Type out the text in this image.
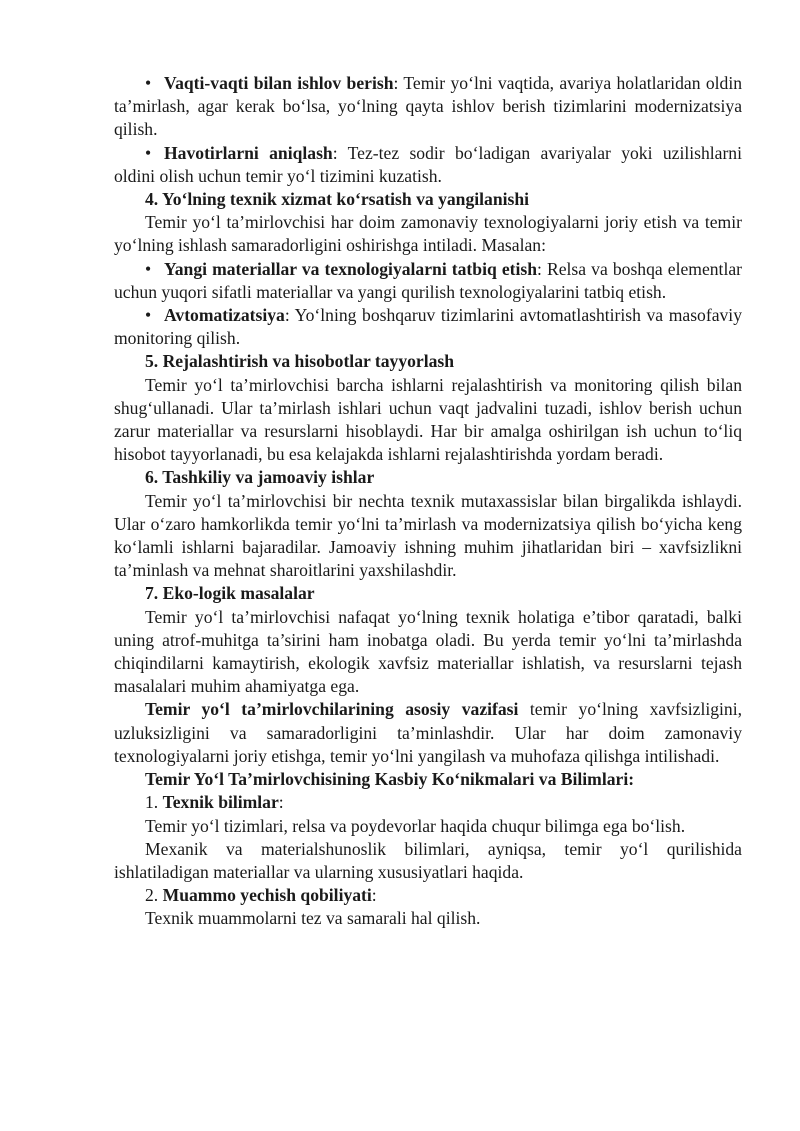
• Vaqti-vaqti bilan ishlov berish: Temir yo‘lni vaqtida, avariya holatlaridan oldin ta’mirlash, agar kerak bo‘lsa, yo‘lning qayta ishlov berish tizimlarini modernizatsiya qilish.

• Havotirlarni aniqlash: Tez-tez sodir bo‘ladigan avariyalar yoki uzilishlarni oldini olish uchun temir yo‘l tizimini kuzatish.

4. Yo‘lning texnik xizmat ko‘rsatish va yangilanishi

Temir yo‘l ta’mirlovchisi har doim zamonaviy texnologiyalarni joriy etish va temir yo‘lning ishlash samaradorligini oshirishga intiladi. Masalan:

• Yangi materiallar va texnologiyalarni tatbiq etish: Relsa va boshqa elementlar uchun yuqori sifatli materiallar va yangi qurilish texnologiyalarini tatbiq etish.

• Avtomatizatsiya: Yo‘lning boshqaruv tizimlarini avtomatlashtirish va masofaviy monitoring qilish.

5. Rejalashtirish va hisobotlar tayyorlash

Temir yo‘l ta’mirlovchisi barcha ishlarni rejalashtirish va monitoring qilish bilan shug‘ullanadi. Ular ta’mirlash ishlari uchun vaqt jadvalini tuzadi, ishlov berish uchun zarur materiallar va resurslarni hisoblaydi. Har bir amalga oshirilgan ish uchun to‘liq hisobot tayyorlanadi, bu esa kelajakda ishlarni rejalashtirishda yordam beradi.

6. Tashkiliy va jamoaviy ishlar

Temir yo‘l ta’mirlovchisi bir nechta texnik mutaxassislar bilan birgalikda ishlaydi. Ular o‘zaro hamkorlikda temir yo‘lni ta’mirlash va modernizatsiya qilish bo‘yicha keng ko‘lamli ishlarni bajaradilar. Jamoaviy ishning muhim jihatlaridan biri – xavfsizlikni ta’minlash va mehnat sharoitlarini yaxshilashdir.

7. Eko-logik masalalar

Temir yo‘l ta’mirlovchisi nafaqat yo‘lning texnik holatiga e’tibor qaratadi, balki uning atrof-muhitga ta’sirini ham inobatga oladi. Bu yerda temir yo‘lni ta’mirlashda chiqindilarni kamaytirish, ekologik xavfsiz materiallar ishlatish, va resurslarni tejash masalalari muhim ahamiyatga ega.

Temir yo‘l ta’mirlovchilarining asosiy vazifasi temir yo‘lning xavfsizligini, uzluksizligini va samaradorligini ta’minlashdir. Ular har doim zamonaviy texnologiyalarni joriy etishga, temir yo‘lni yangilash va muhofaza qilishga intilishadi.

Temir Yo‘l Ta’mirlovchisining Kasbiy Ko‘nikmalari va Bilimlari:

1. Texnik bilimlar:

Temir yo‘l tizimlari, relsa va poydevorlar haqida chuqur bilimga ega bo‘lish.

Mexanik va materialshunoslik bilimlari, ayniqsa, temir yo‘l qurilishida ishlatiladigan materiallar va ularning xususiyatlari haqida.

2. Muammo yechish qobiliyati:

Texnik muammolarni tez va samarali hal qilish.
